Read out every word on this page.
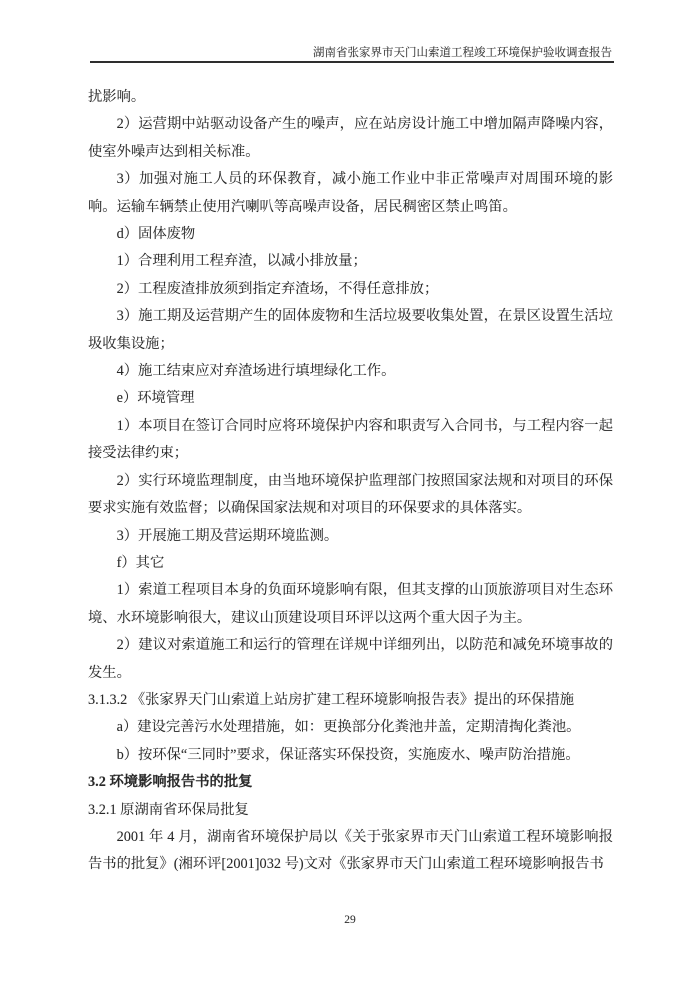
湖南省张家界市天门山索道工程竣工环境保护验收调查报告

扰影响。

2）运营期中站驱动设备产生的噪声，应在站房设计施工中增加隔声降噪内容，使室外噪声达到相关标准。

3）加强对施工人员的环保教育，减小施工作业中非正常噪声对周围环境的影响。运输车辆禁止使用汽喇叭等高噪声设备，居民稠密区禁止鸣笛。

d）固体废物

1）合理利用工程弃渣，以减小排放量；

2）工程废渣排放须到指定弃渣场，不得任意排放；

3）施工期及运营期产生的固体废物和生活垃圾要收集处置，在景区设置生活垃圾收集设施；

4）施工结束应对弃渣场进行填埋绿化工作。

e）环境管理

1）本项目在签订合同时应将环境保护内容和职责写入合同书，与工程内容一起接受法律约束；

2）实行环境监理制度，由当地环境保护监理部门按照国家法规和对项目的环保要求实施有效监督；以确保国家法规和对项目的环保要求的具体落实。

3）开展施工期及营运期环境监测。

f）其它

1）索道工程项目本身的负面环境影响有限，但其支撑的山顶旅游项目对生态环境、水环境影响很大，建议山顶建设项目环评以这两个重大因子为主。

2）建议对索道施工和运行的管理在详规中详细列出，以防范和减免环境事故的发生。

3.1.3.2 《张家界天门山索道上站房扩建工程环境影响报告表》提出的环保措施

a）建设完善污水处理措施，如：更换部分化粪池井盖，定期清掏化粪池。

b）按环保“三同时”要求，保证落实环保投资，实施废水、噪声防治措施。

3.2 环境影响报告书的批复

3.2.1 原湖南省环保局批复

2001 年 4 月，湖南省环境保护局以《关于张家界市天门山索道工程环境影响报告书的批复》(湘环评[2001]032 号)文对《张家界市天门山索道工程环境影响报告书

29
